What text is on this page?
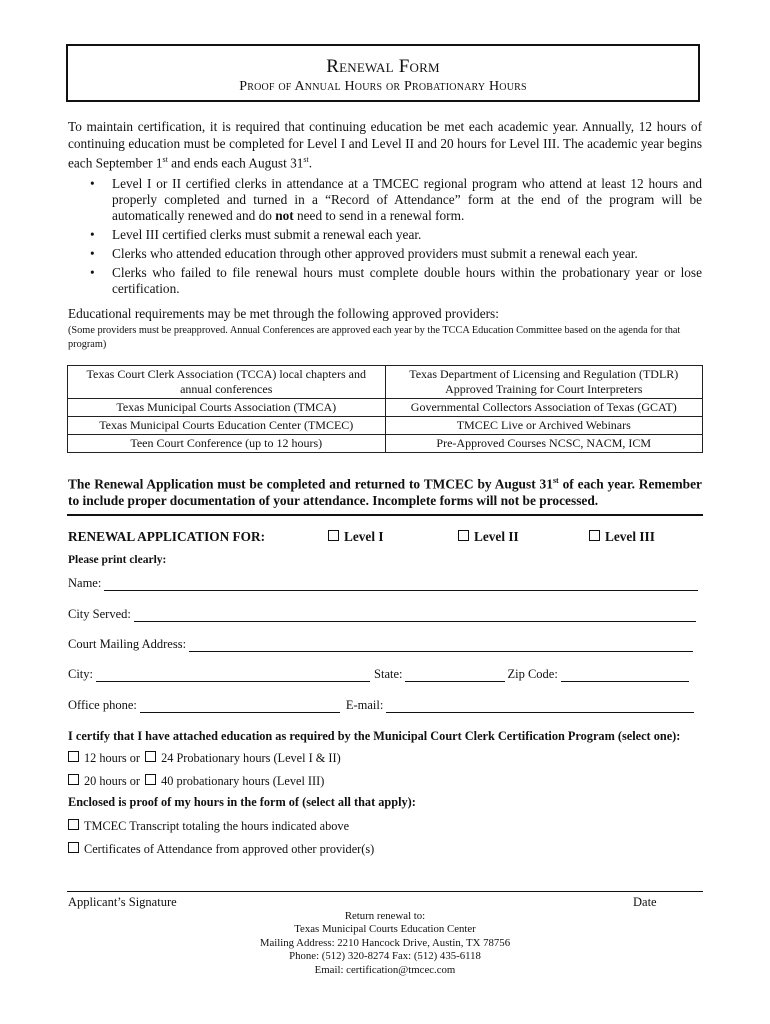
Renewal Form
Proof of Annual Hours or Probationary Hours
To maintain certification, it is required that continuing education be met each academic year. Annually, 12 hours of continuing education must be completed for Level I and Level II and 20 hours for Level III. The academic year begins each September 1st and ends each August 31st.
• Level I or II certified clerks in attendance at a TMCEC regional program who attend at least 12 hours and properly completed and turned in a “Record of Attendance” form at the end of the program will be automatically renewed and do not need to send in a renewal form.
• Level III certified clerks must submit a renewal each year.
• Clerks who attended education through other approved providers must submit a renewal each year.
• Clerks who failed to file renewal hours must complete double hours within the probationary year or lose certification.
Educational requirements may be met through the following approved providers:
(Some providers must be preapproved. Annual Conferences are approved each year by the TCCA Education Committee based on the agenda for that program)
Texas Court Clerk Association (TCCA) local chapters and annual conferences	Texas Department of Licensing and Regulation (TDLR) Approved Training for Court Interpreters
Texas Municipal Courts Association (TMCA)	Governmental Collectors Association of Texas (GCAT)
Texas Municipal Courts Education Center (TMCEC)	TMCEC Live or Archived Webinars
Teen Court Conference (up to 12 hours)	Pre-Approved Courses NCSC, NACM, ICM
The Renewal Application must be completed and returned to TMCEC by August 31st of each year. Remember to include proper documentation of your attendance. Incomplete forms will not be processed.
RENEWAL APPLICATION FOR:	Level I	Level II	Level III
Please print clearly:
Name:
City Served:
Court Mailing Address:
City:	State:	Zip Code:
Office phone:	E-mail:
I certify that I have attached education as required by the Municipal Court Clerk Certification Program (select one):
12 hours or 24 Probationary hours (Level I & II)
20 hours or 40 probationary hours (Level III)
Enclosed is proof of my hours in the form of (select all that apply):
TMCEC Transcript totaling the hours indicated above
Certificates of Attendance from approved other provider(s)
Applicant’s Signature	Date
Return renewal to:
Texas Municipal Courts Education Center
Mailing Address: 2210 Hancock Drive, Austin, TX 78756
Phone: (512) 320-8274 Fax: (512) 435-6118
Email: certification@tmcec.com
